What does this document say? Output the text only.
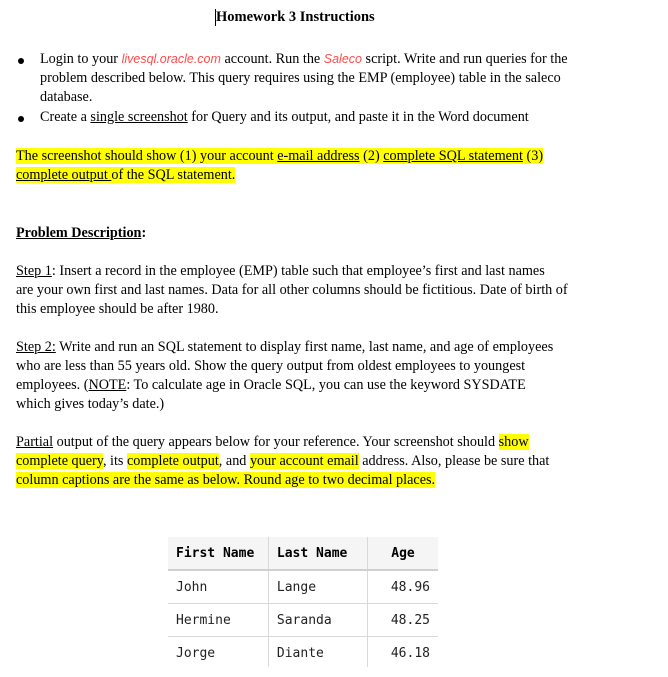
Homework 3 Instructions
Login to your livesql.oracle.com account. Run the Saleco script. Write and run queries for the
problem described below. This query requires using the EMP (employee) table in the saleco
database.
Create a single screenshot for Query and its output, and paste it in the Word document
The screenshot should show (1) your account e-mail address (2) complete SQL statement (3)
complete output of the SQL statement.
Problem Description:
Step 1: Insert a record in the employee (EMP) table such that employee’s first and last names
are your own first and last names. Data for all other columns should be fictitious. Date of birth of
this employee should be after 1980.
Step 2: Write and run an SQL statement to display first name, last name, and age of employees
who are less than 55 years old. Show the query output from oldest employees to youngest
employees. (NOTE: To calculate age in Oracle SQL, you can use the keyword SYSDATE
which gives today’s date.)
Partial output of the query appears below for your reference. Your screenshot should show
complete query, its complete output, and your account email address. Also, please be sure that
column captions are the same as below. Round age to two decimal places.
First Name	Last Name	Age
John	Lange	48.96
Hermine	Saranda	48.25
Jorge	Diante	46.18
